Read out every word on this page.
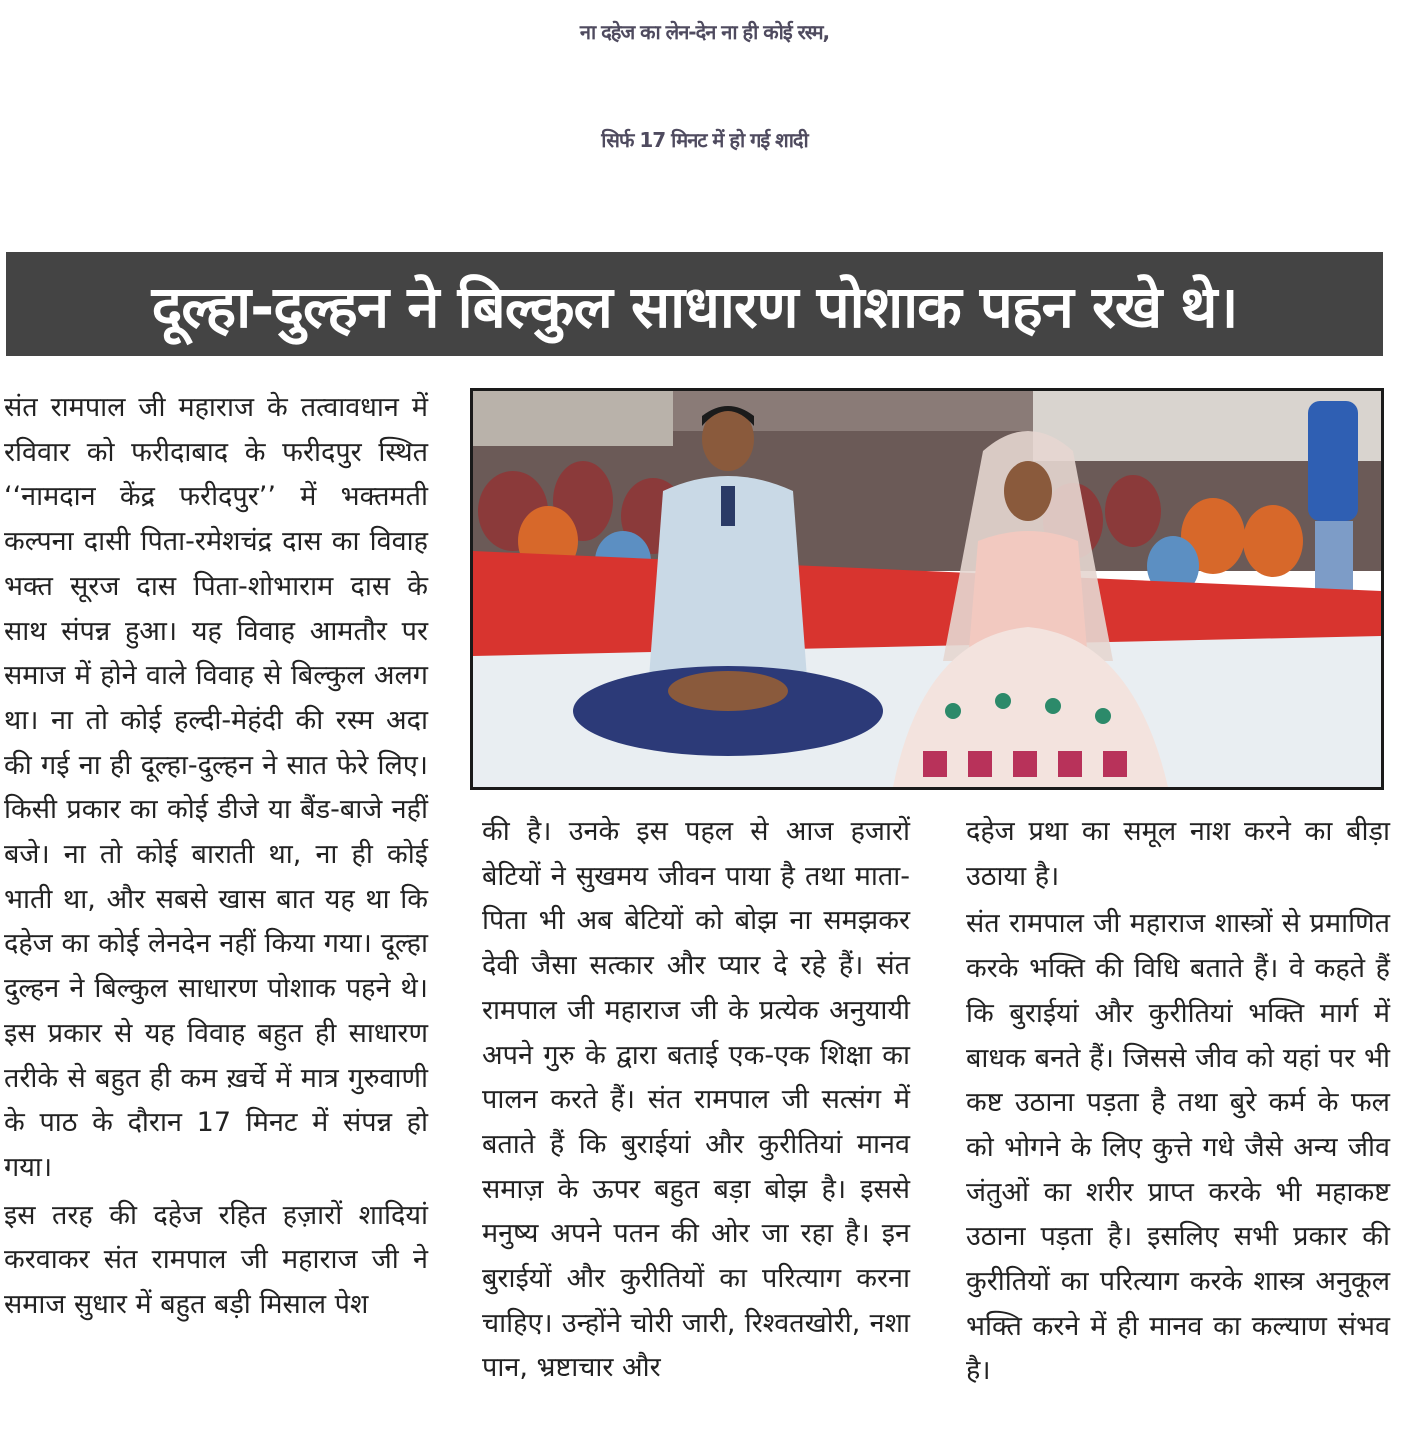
ना दहेज का लेन-देन ना ही कोई रस्म,
सिर्फ 17 मिनट में हो गई शादी
दूल्हा-दुल्हन ने बिल्कुल साधारण पोशाक पहन रखे थे।

संत रामपाल जी महाराज के तत्वावधान में रविवार को फरीदाबाद के फरीदपुर स्थित ‘‘नामदान केंद्र फरीदपुर’’ में भक्तमती कल्पना दासी पिता-रमेशचंद्र दास का विवाह भक्त सूरज दास पिता-शोभाराम दास के साथ संपन्न हुआ। यह विवाह आमतौर पर समाज में होने वाले विवाह से बिल्कुल अलग था। ना तो कोई हल्दी-मेहंदी की रस्म अदा की गई ना ही दूल्हा-दुल्हन ने सात फेरे लिए। किसी प्रकार का कोई डीजे या बैंड-बाजे नहीं बजे। ना तो कोई बाराती था, ना ही कोई भाती था, और सबसे खास बात यह था कि दहेज का कोई लेनदेन नहीं किया गया। दूल्हा दुल्हन ने बिल्कुल साधारण पोशाक पहने थे। इस प्रकार से यह विवाह बहुत ही साधारण तरीके से बहुत ही कम ख़र्चे में मात्र गुरुवाणी के पाठ के दौरान 17 मिनट में संपन्न हो गया।

इस तरह की दहेज रहित हज़ारों शादियां करवाकर संत रामपाल जी महाराज जी ने समाज सुधार में बहुत बड़ी मिसाल पेश

की है। उनके इस पहल से आज हजारों बेटियों ने सुखमय जीवन पाया है तथा माता-पिता भी अब बेटियों को बोझ ना समझकर देवी जैसा सत्कार और प्यार दे रहे हैं। संत रामपाल जी महाराज जी के प्रत्येक अनुयायी अपने गुरु के द्वारा बताई एक-एक शिक्षा का पालन करते हैं। संत रामपाल जी सत्संग में बताते हैं कि बुराईयां और कुरीतियां मानव समाज़ के ऊपर बहुत बड़ा बोझ है। इससे मनुष्य अपने पतन की ओर जा रहा है। इन बुराईयों और कुरीतियों का परित्याग करना चाहिए। उन्होंने चोरी जारी, रिश्वतखोरी, नशा पान, भ्रष्टाचार और

दहेज प्रथा का समूल नाश करने का बीड़ा उठाया है।

संत रामपाल जी महाराज शास्त्रों से प्रमाणित करके भक्ति की विधि बताते हैं। वे कहते हैं कि बुराईयां और कुरीतियां भक्ति मार्ग में बाधक बनते हैं। जिससे जीव को यहां पर भी कष्ट उठाना पड़ता है तथा बुरे कर्म के फल को भोगने के लिए कुत्ते गधे जैसे अन्य जीव जंतुओं का शरीर प्राप्त करके भी महाकष्ट उठाना पड़ता है। इसलिए सभी प्रकार की कुरीतियों का परित्याग करके शास्त्र अनुकूल भक्ति करने में ही मानव का कल्याण संभव है।
